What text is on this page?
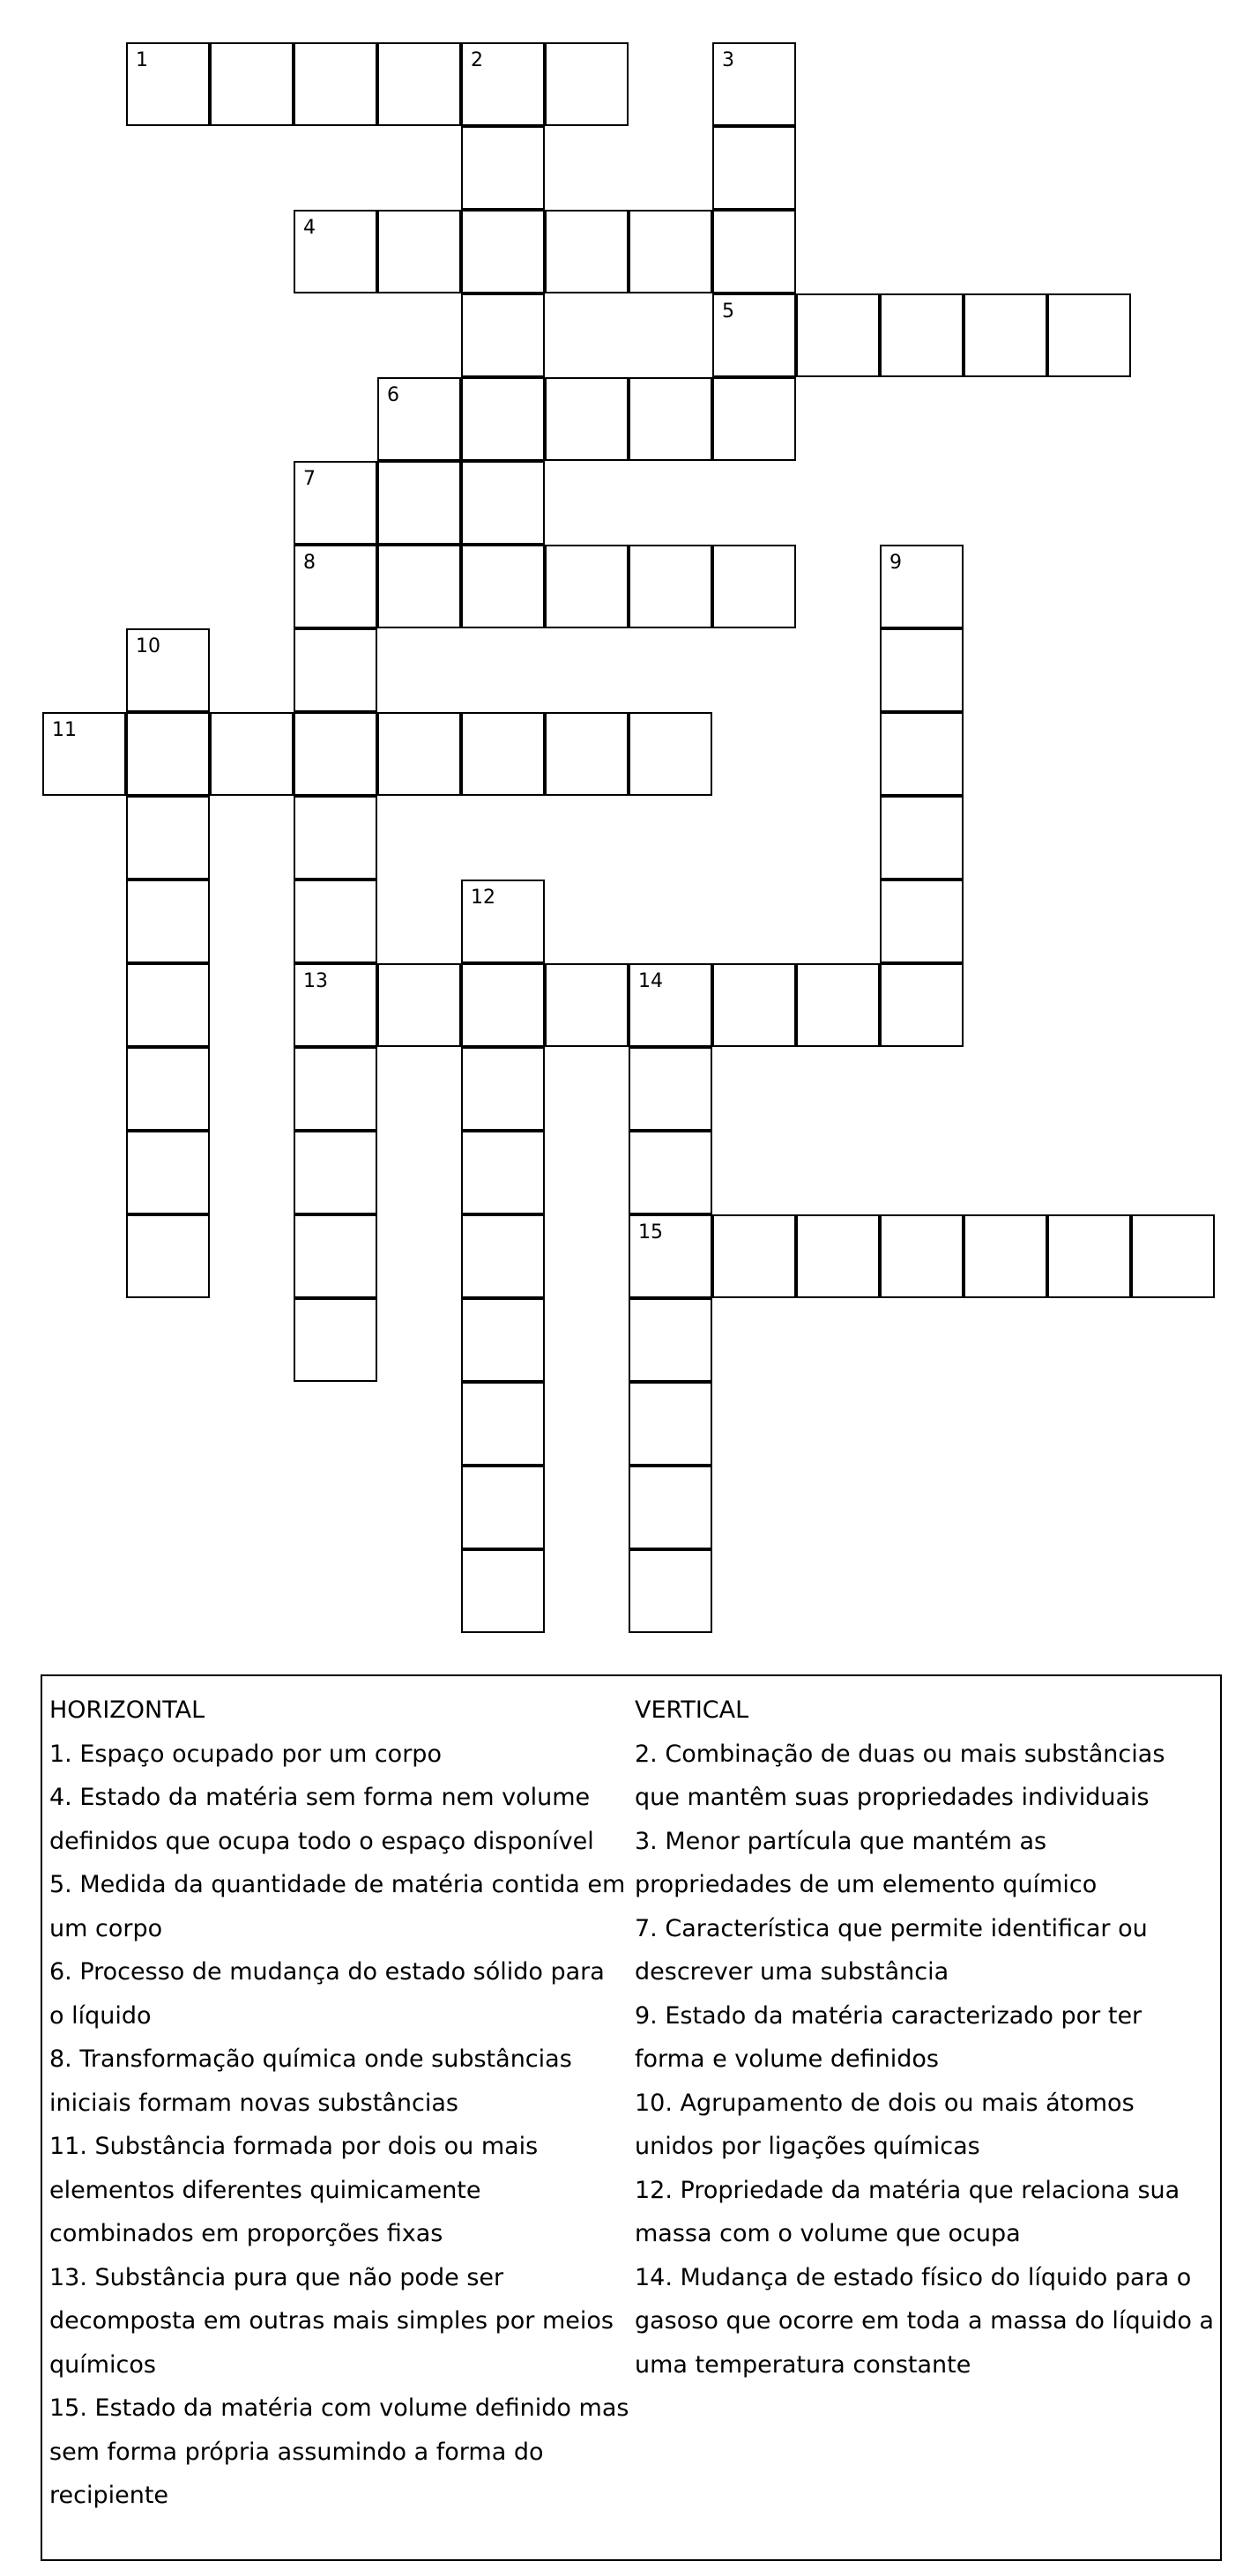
1	2	3
4
5
6
7
8	9
10
11
12
13	14
15
HORIZONTAL
1. Espaço ocupado por um corpo
4. Estado da matéria sem forma nem volume
definidos que ocupa todo o espaço disponível
5. Medida da quantidade de matéria contida em
um corpo
6. Processo de mudança do estado sólido para
o líquido
8. Transformação química onde substâncias
iniciais formam novas substâncias
11. Substância formada por dois ou mais
elementos diferentes quimicamente
combinados em proporções fixas
13. Substância pura que não pode ser
decomposta em outras mais simples por meios
químicos
15. Estado da matéria com volume definido mas
sem forma própria assumindo a forma do
recipiente
VERTICAL
2. Combinação de duas ou mais substâncias
que mantêm suas propriedades individuais
3. Menor partícula que mantém as
propriedades de um elemento químico
7. Característica que permite identificar ou
descrever uma substância
9. Estado da matéria caracterizado por ter
forma e volume definidos
10. Agrupamento de dois ou mais átomos
unidos por ligações químicas
12. Propriedade da matéria que relaciona sua
massa com o volume que ocupa
14. Mudança de estado físico do líquido para o
gasoso que ocorre em toda a massa do líquido a
uma temperatura constante
